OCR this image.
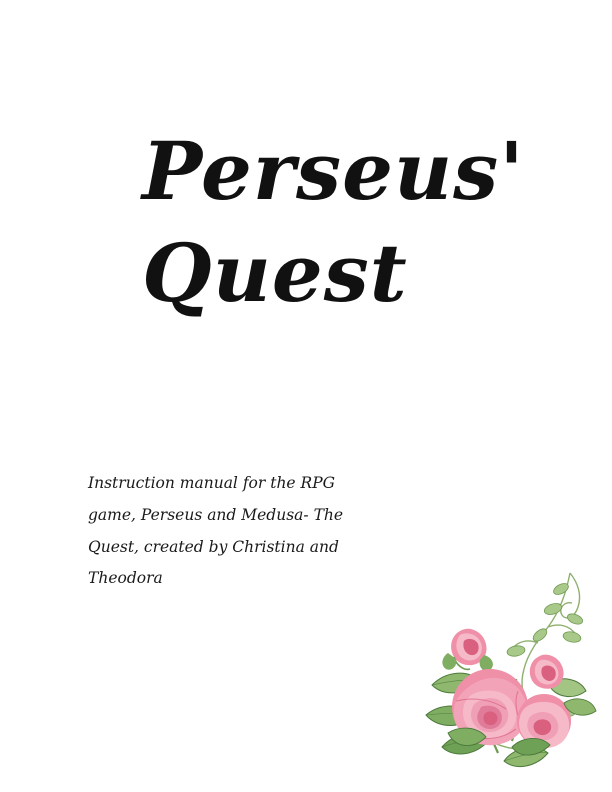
Perseus'
Quest

Instruction manual for the RPG game, Perseus and Medusa- The Quest, created by Christina and Theodora
